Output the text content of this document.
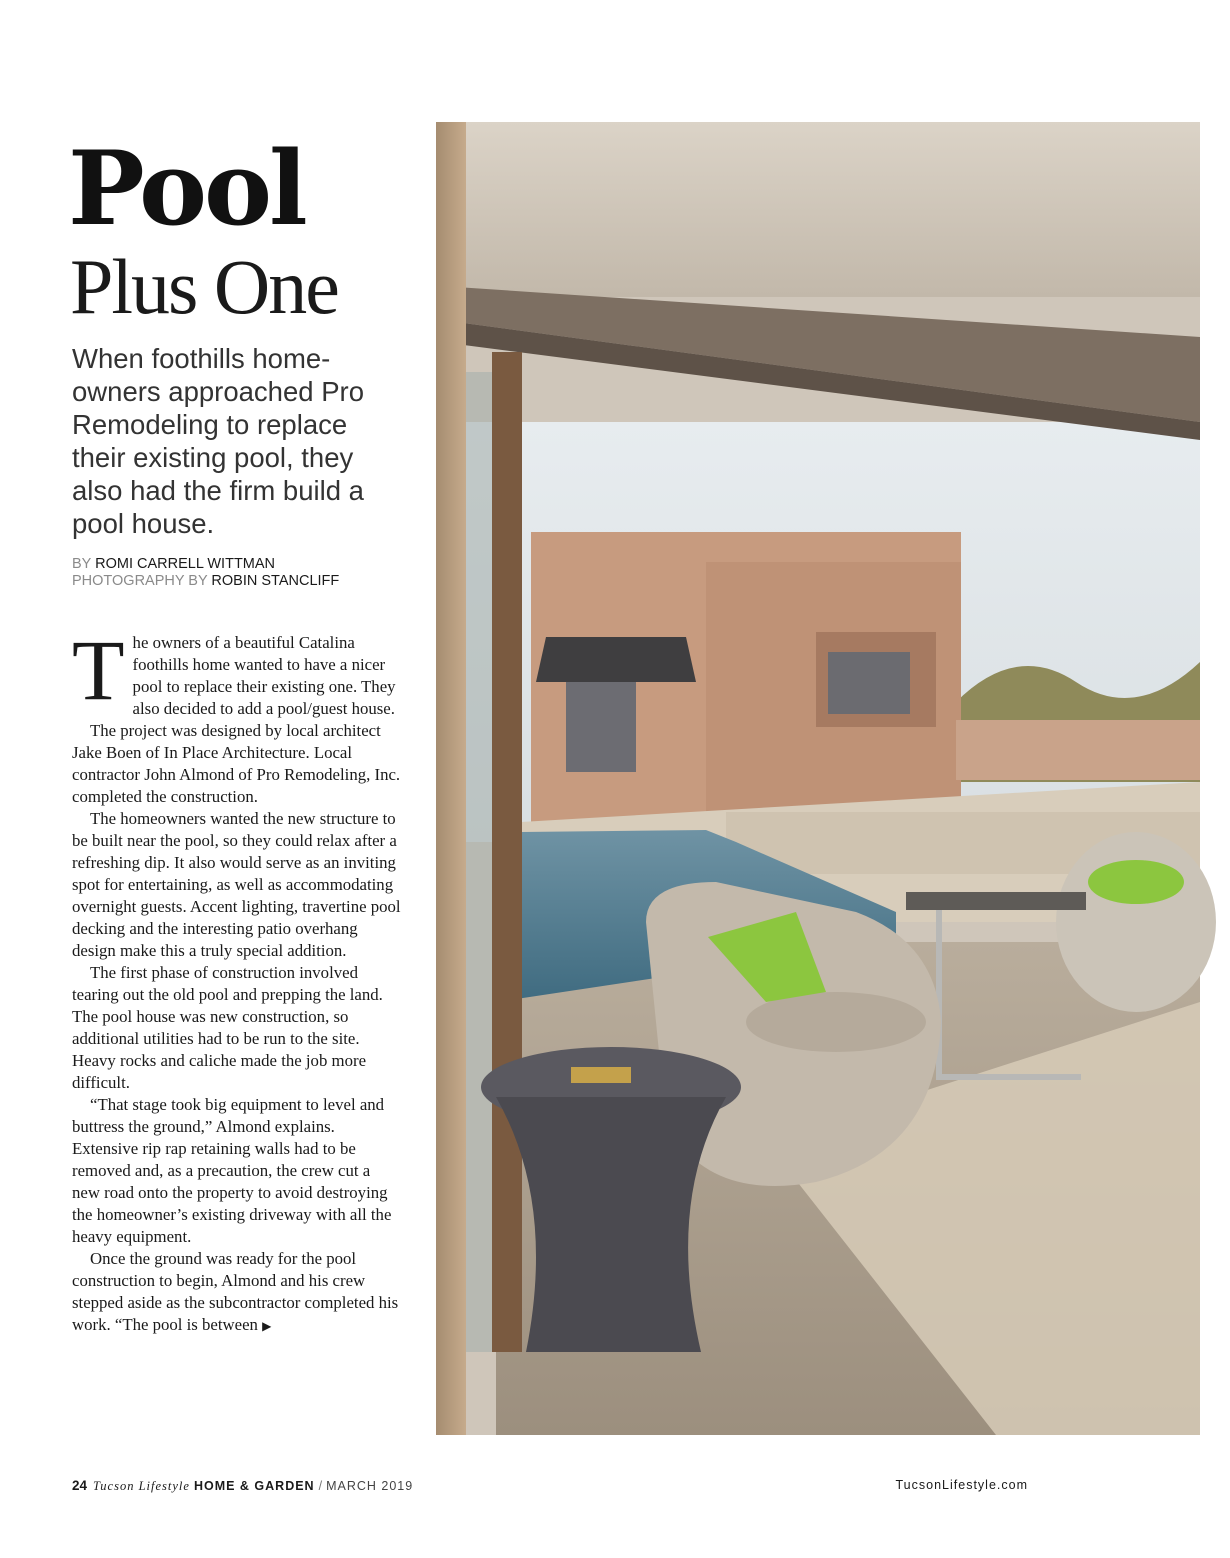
Pool
Plus One

When foothills home-owners approached Pro Remodeling to replace their existing pool, they also had the firm build a pool house.

BY ROMI CARRELL WITTMAN
PHOTOGRAPHY BY ROBIN STANCLIFF

The owners of a beautiful Catalina foothills home wanted to have a nicer pool to replace their existing one. They also decided to add a pool/guest house.

The project was designed by local architect Jake Boen of In Place Architecture. Local contractor John Almond of Pro Remodeling, Inc. completed the construction.

The homeowners wanted the new structure to be built near the pool, so they could relax after a refreshing dip. It also would serve as an inviting spot for entertaining, as well as accommodating overnight guests. Accent lighting, travertine pool decking and the interesting patio overhang design make this a truly special addition.

The first phase of construction involved tearing out the old pool and prepping the land. The pool house was new construction, so additional utilities had to be run to the site. Heavy rocks and caliche made the job more difficult.

“That stage took big equipment to level and buttress the ground,” Almond explains. Extensive rip rap retaining walls had to be removed and, as a precaution, the crew cut a new road onto the property to avoid destroying the homeowner’s existing driveway with all the heavy equipment.

Once the ground was ready for the pool construction to begin, Almond and his crew stepped aside as the subcontractor completed his work. “The pool is between ▶

The entire wall of 10-foot doors folds back easily and disappears, creating a seamless look.
24 Tucson Lifestyle HOME & GARDEN / MARCH 2019	TucsonLifestyle.com
